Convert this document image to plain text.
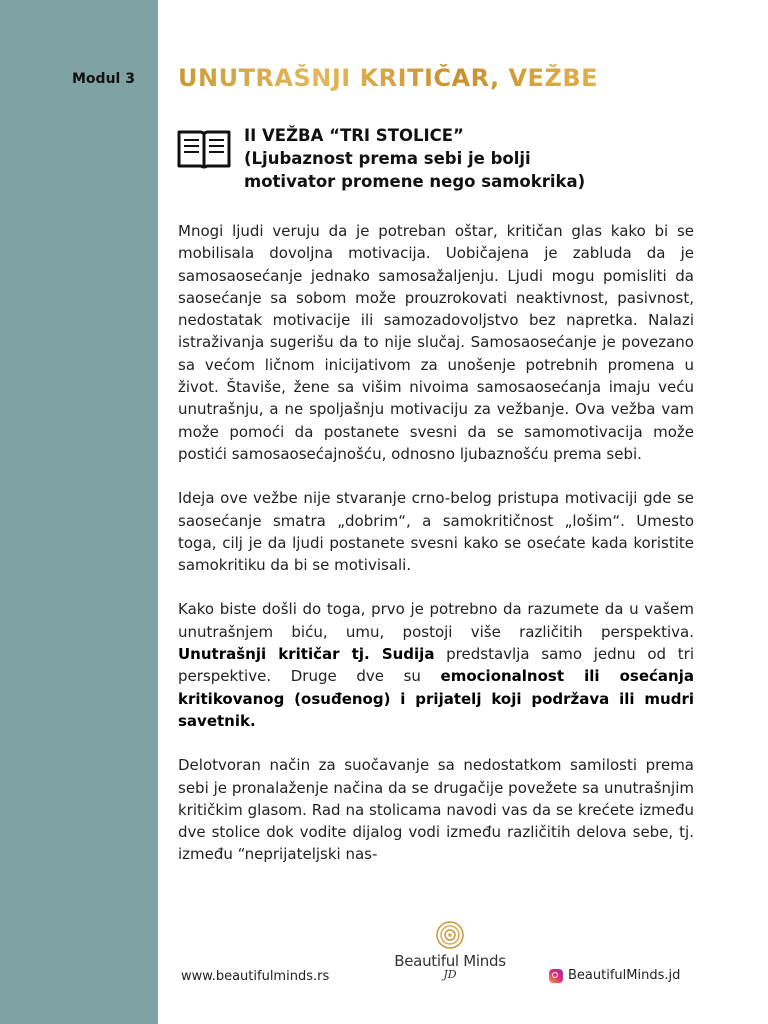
Modul 3 UNUTRAŠNJI KRITIČAR, VEŽBE
II VEŽBA “TRI STOLICE”
(Ljubaznost prema sebi je bolji
motivator promene nego samokrika)

Mnogi ljudi veruju da je potreban oštar, kritičan glas kako bi se mobilisala dovoljna motivacija. Uobičajena je zabluda da je samosaosećanje jednako samosažaljenju. Ljudi mogu pomisliti da saosećanje sa sobom može prouzrokovati neaktivnost, pasivnost, nedostatak motivacije ili samozadovoljstvo bez napretka. Nalazi istraživanja sugerišu da to nije slučaj. Samosaosećanje je povezano sa većom ličnom inicijativom za unošenje potrebnih promena u život. Štaviše, žene sa višim nivoima samosaosećanja imaju veću unutrašnju, a ne spoljašnju motivaciju za vežbanje. Ova vežba vam može pomoći da postanete svesni da se samomotivacija može postići samosaosećajnošću, odnosno ljubaznošću prema sebi.

Ideja ove vežbe nije stvaranje crno-belog pristupa motivaciji gde se saosećanje smatra „dobrim“, a samokritičnost „lošim“. Umesto toga, cilj je da ljudi postanete svesni kako se osećate kada koristite samokritiku da bi se motivisali.

Kako biste došli do toga, prvo je potrebno da razumete da u vašem unutrašnjem biću, umu, postoji više različitih perspektiva. Unutrašnji kritičar tj. Sudija predstavlja samo jednu od tri perspektive. Druge dve su emocionalnost ili osećanja kritikovanog (osuđenog) i prijatelj koji podržava ili mudri savetnik.

Delotvoran način za suočavanje sa nedostatkom samilosti prema sebi je pronalaženje načina da se drugačije povežete sa unutrašnjim kritičkim glasom. Rad na stolicama navodi vas da se krećete između dve stolice dok vodite dijalog vodi između različitih delova sebe, tj. između “neprijateljski nas-

www.beautifulminds.rs
Beautiful Minds
JD	BeautifulMinds.jd
